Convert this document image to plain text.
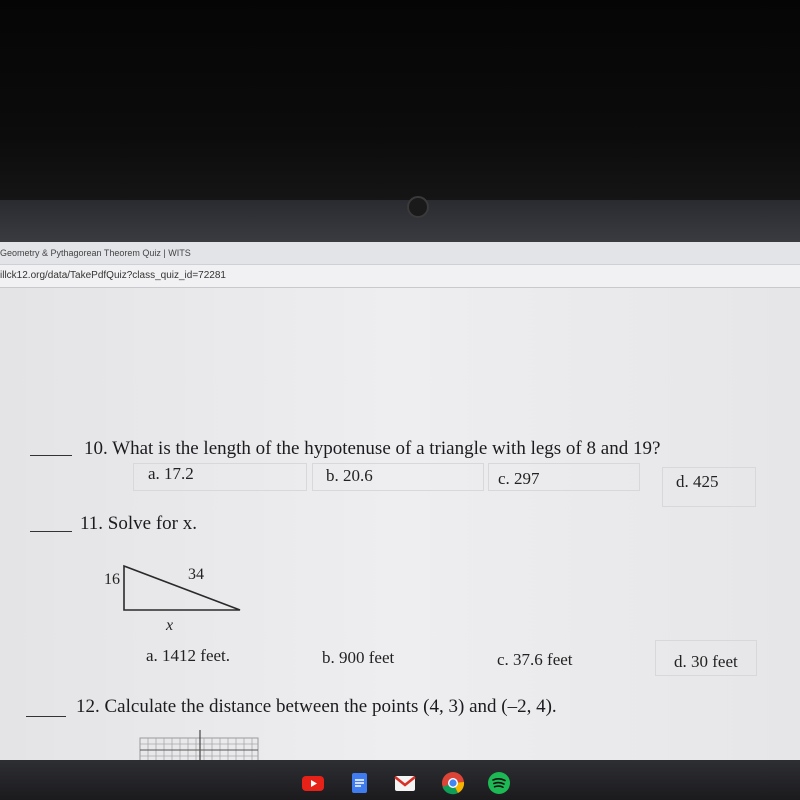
Geometry & Pythagorean Theorem Quiz | WITS
illck12.org/data/TakePdfQuiz?class_quiz_id=72281
10. What is the length of the hypotenuse of a triangle with legs of 8 and 19?
a. 17.2	b. 20.6	c. 297	d. 425
11. Solve for x.
16	34
x
a. 1412 feet.	b. 900 feet	c. 37.6 feet	d. 30 feet
12. Calculate the distance between the points (4, 3) and (–2, 4).
